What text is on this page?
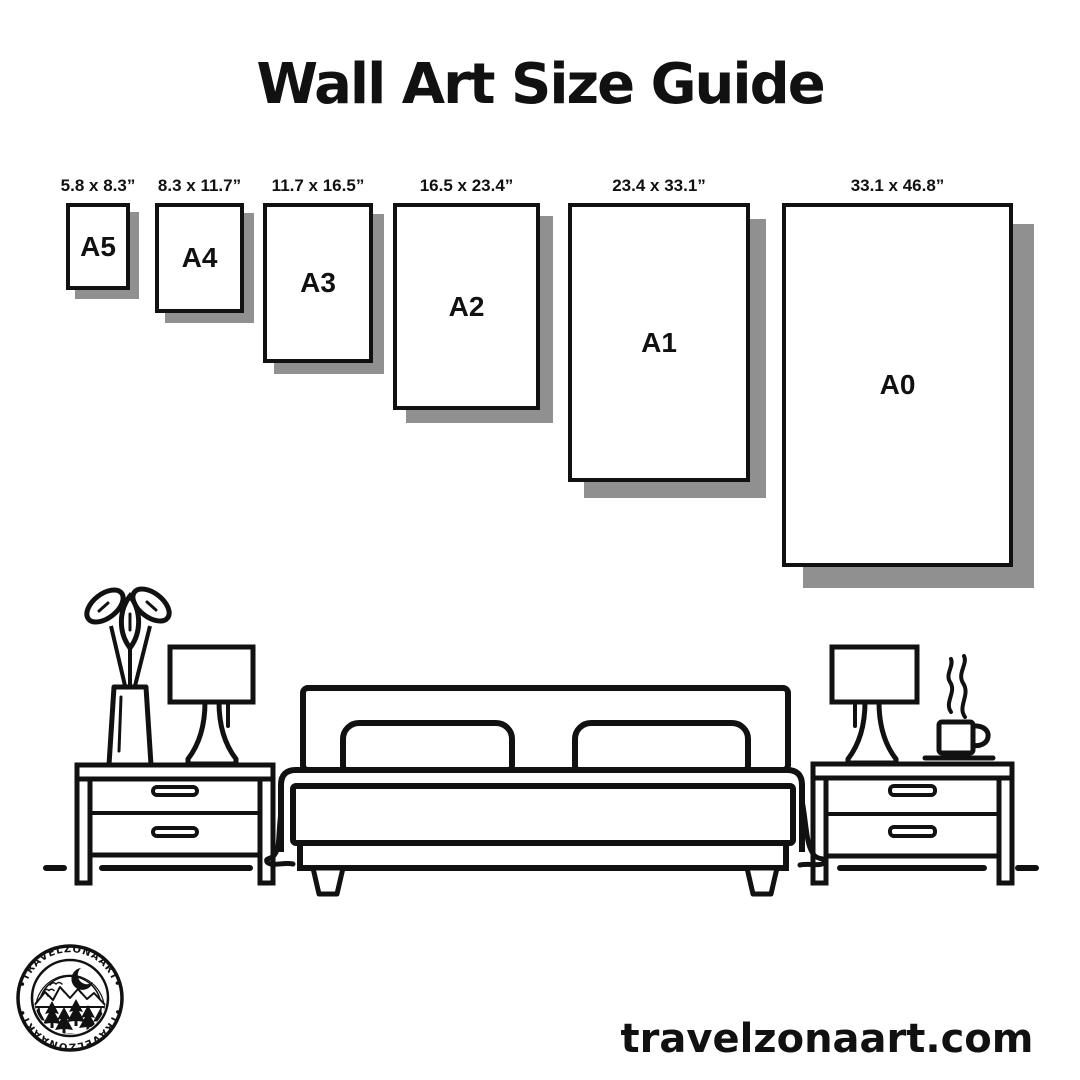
Wall Art Size Guide
A5
5.8 x 8.3”
A4
8.3 x 11.7”
A3
11.7 x 16.5”
A2
16.5 x 23.4”
A1
23.4 x 33.1”
A0
33.1 x 46.8”
•TRAVELZONAART•
•TRAVELZONAART•
travelzonaart.com
